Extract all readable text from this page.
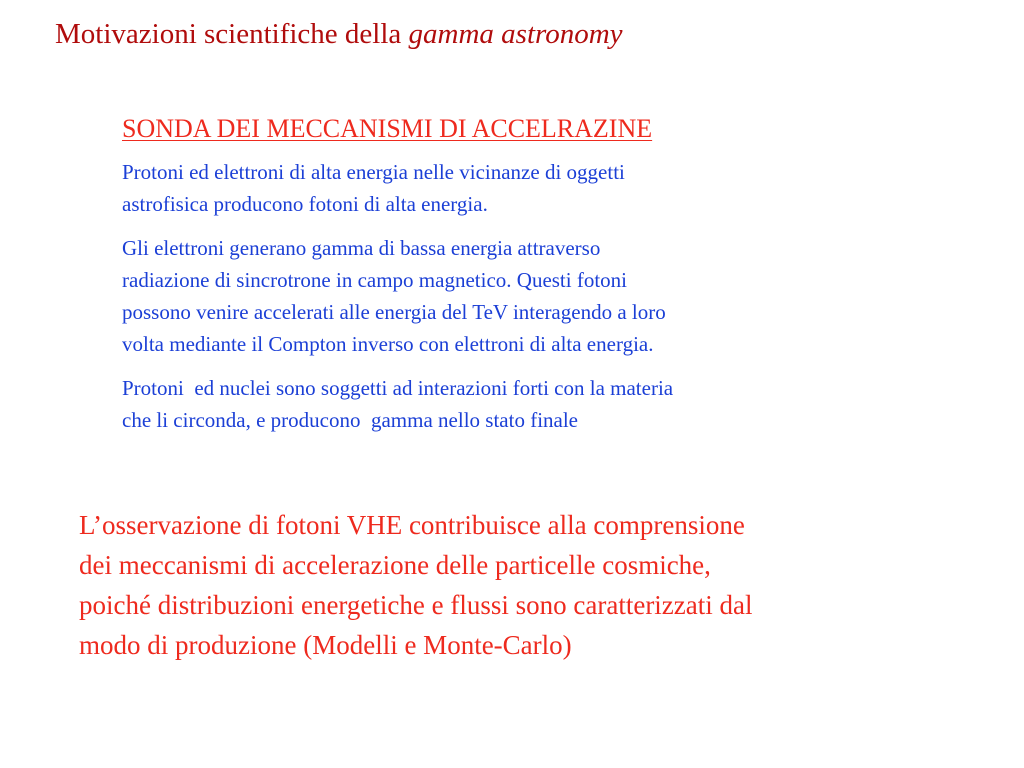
Motivazioni scientifiche della gamma astronomy
SONDA DEI MECCANISMI DI ACCELRAZINE

Protoni ed elettroni di alta energia nelle vicinanze di oggetti
astrofisica producono fotoni di alta energia.

Gli elettroni generano gamma di bassa energia attraverso
radiazione di sincrotrone in campo magnetico. Questi fotoni
possono venire accelerati alle energia del TeV interagendo a loro
volta mediante il Compton inverso con elettroni di alta energia.

Protoni  ed nuclei sono soggetti ad interazioni forti con la materia
che li circonda, e producono  gamma nello stato finale

L’osservazione di fotoni VHE contribuisce alla comprensione
dei meccanismi di accelerazione delle particelle cosmiche,
poiché distribuzioni energetiche e flussi sono caratterizzati dal
modo di produzione (Modelli e Monte-Carlo)
